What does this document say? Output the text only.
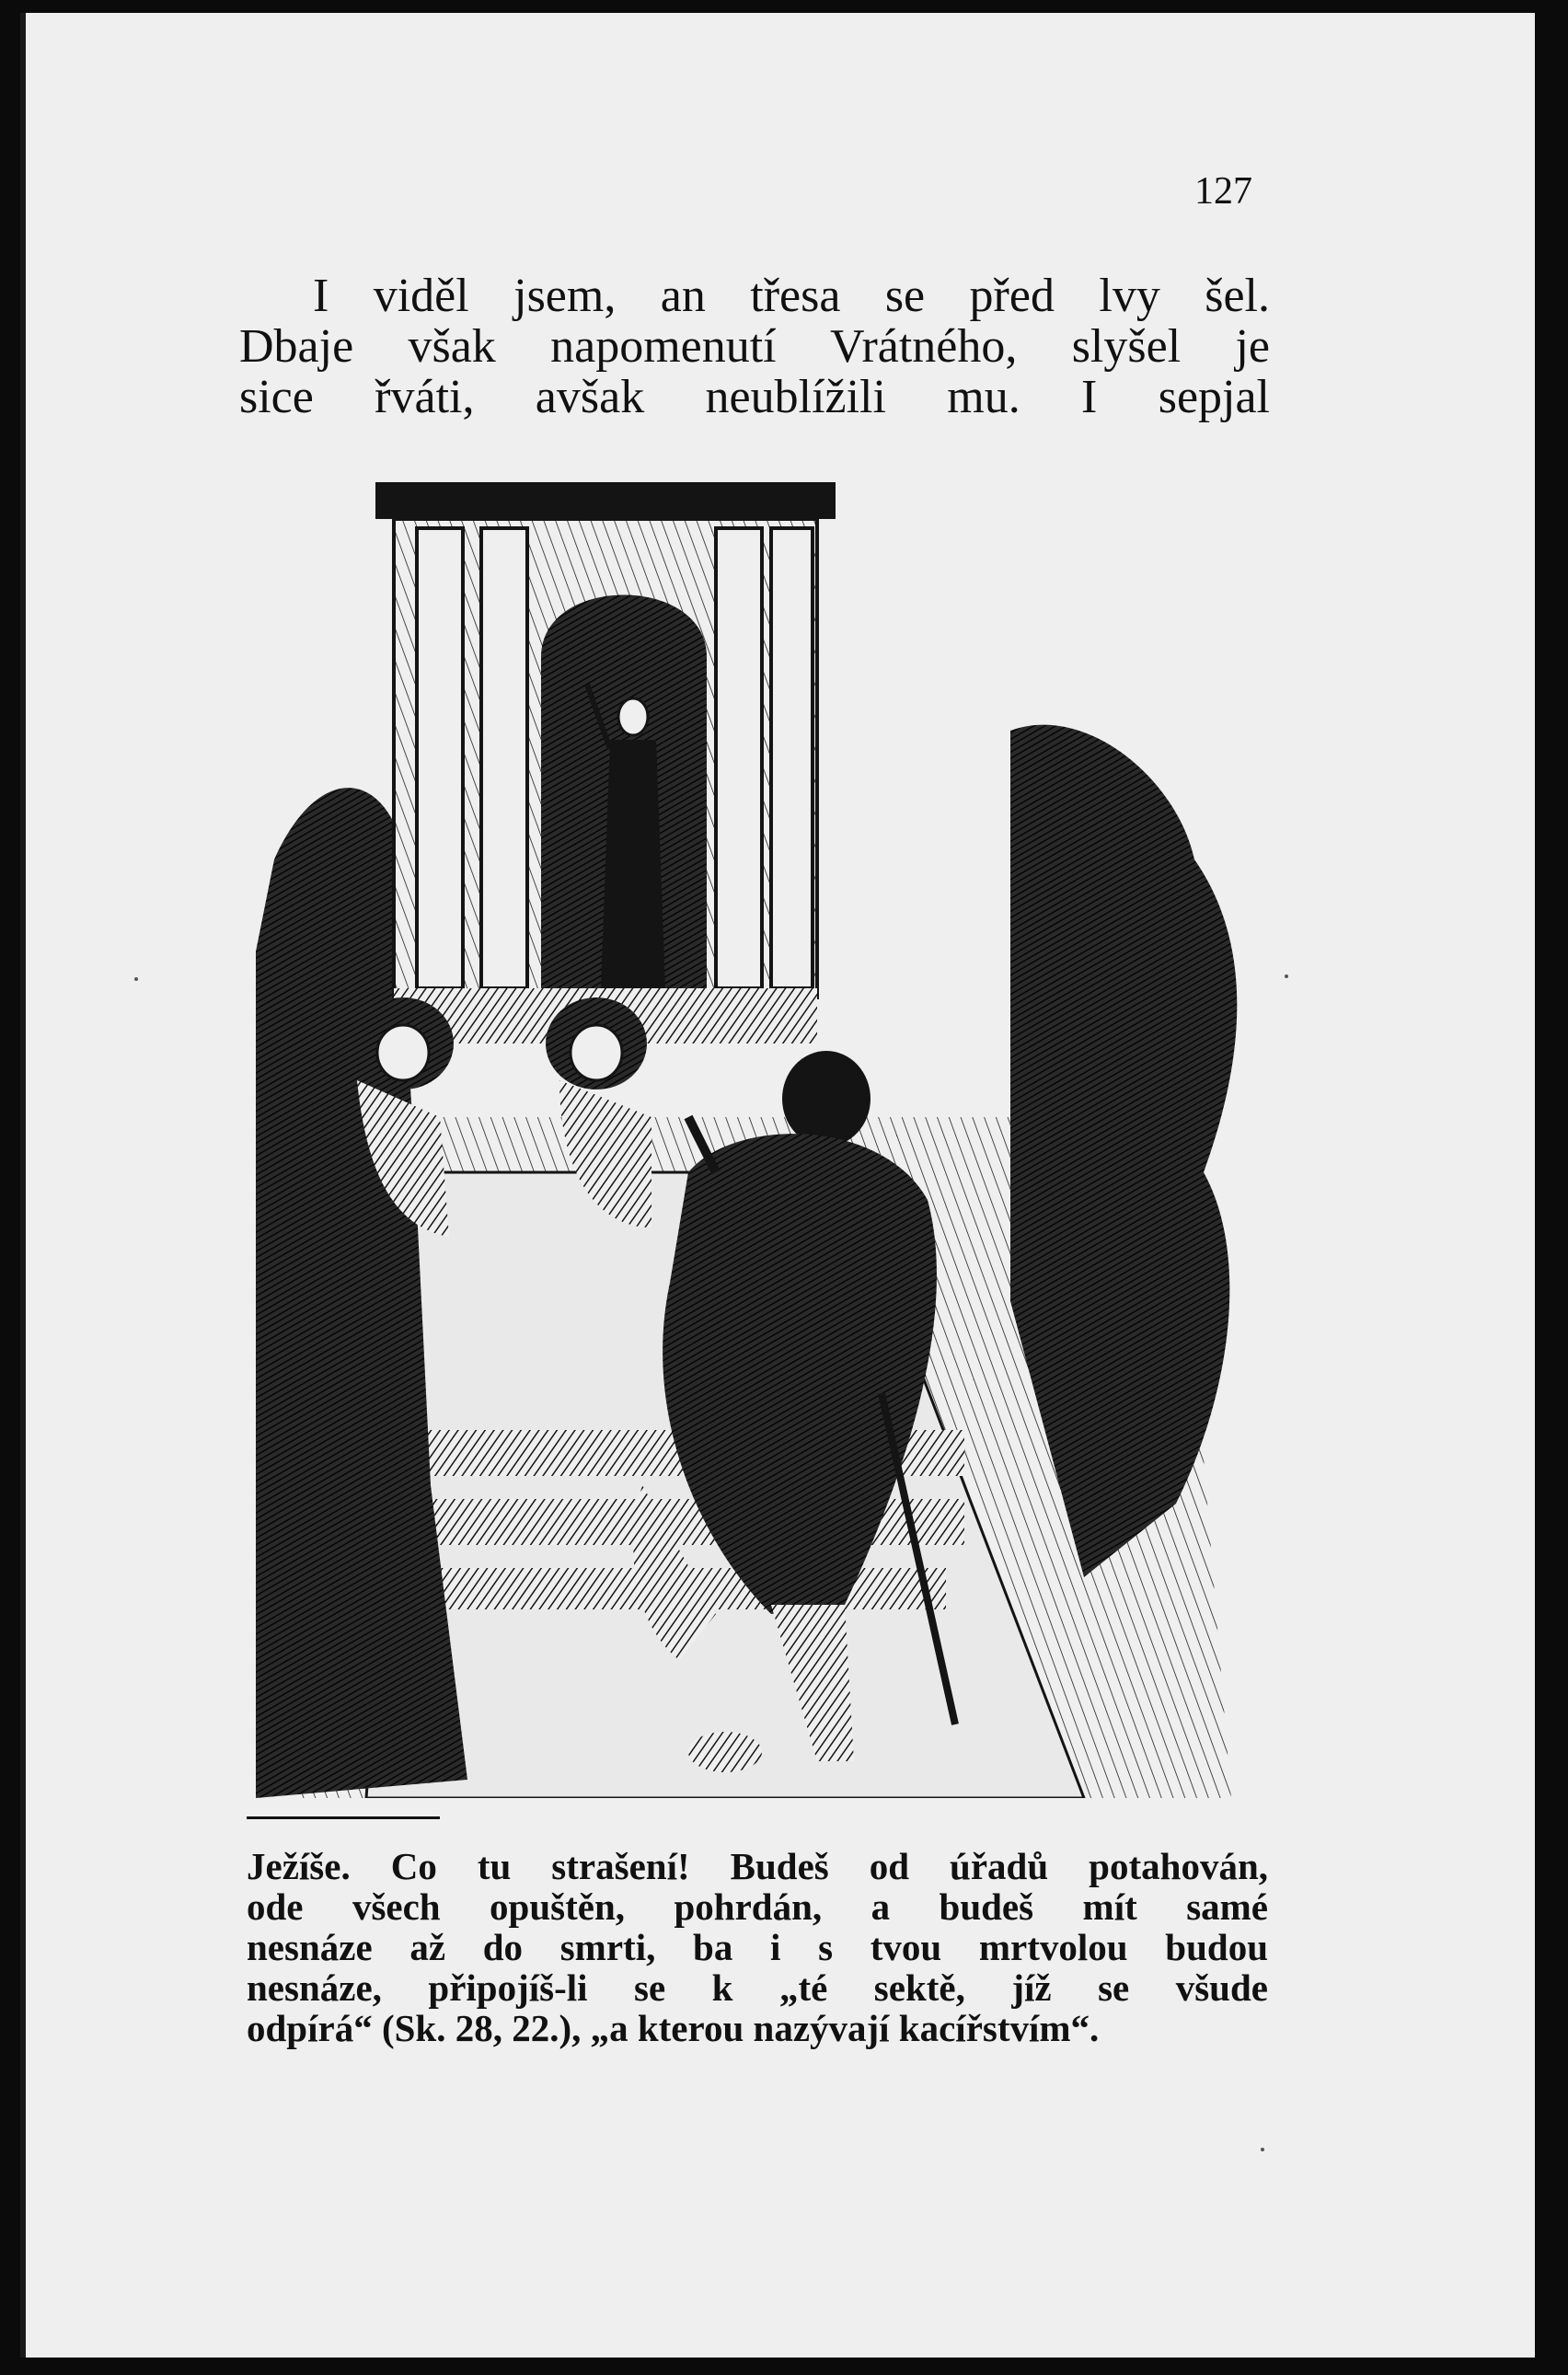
127
I viděl jsem, an třesa se před lvy šel.
Dbaje však napomenutí Vrátného, slyšel je
sice řváti, avšak neublížili mu. I sepjal
Ježíše. Co tu strašení! Budeš od úřadů potahován,
ode všech opuštěn, pohrdán, a budeš mít samé
nesnáze až do smrti, ba i s tvou mrtvolou budou
nesnáze, připojíš-li se k „té sektě, jíž se všude
odpírá“ (Sk. 28, 22.), „a kterou nazývají kacířstvím“.
